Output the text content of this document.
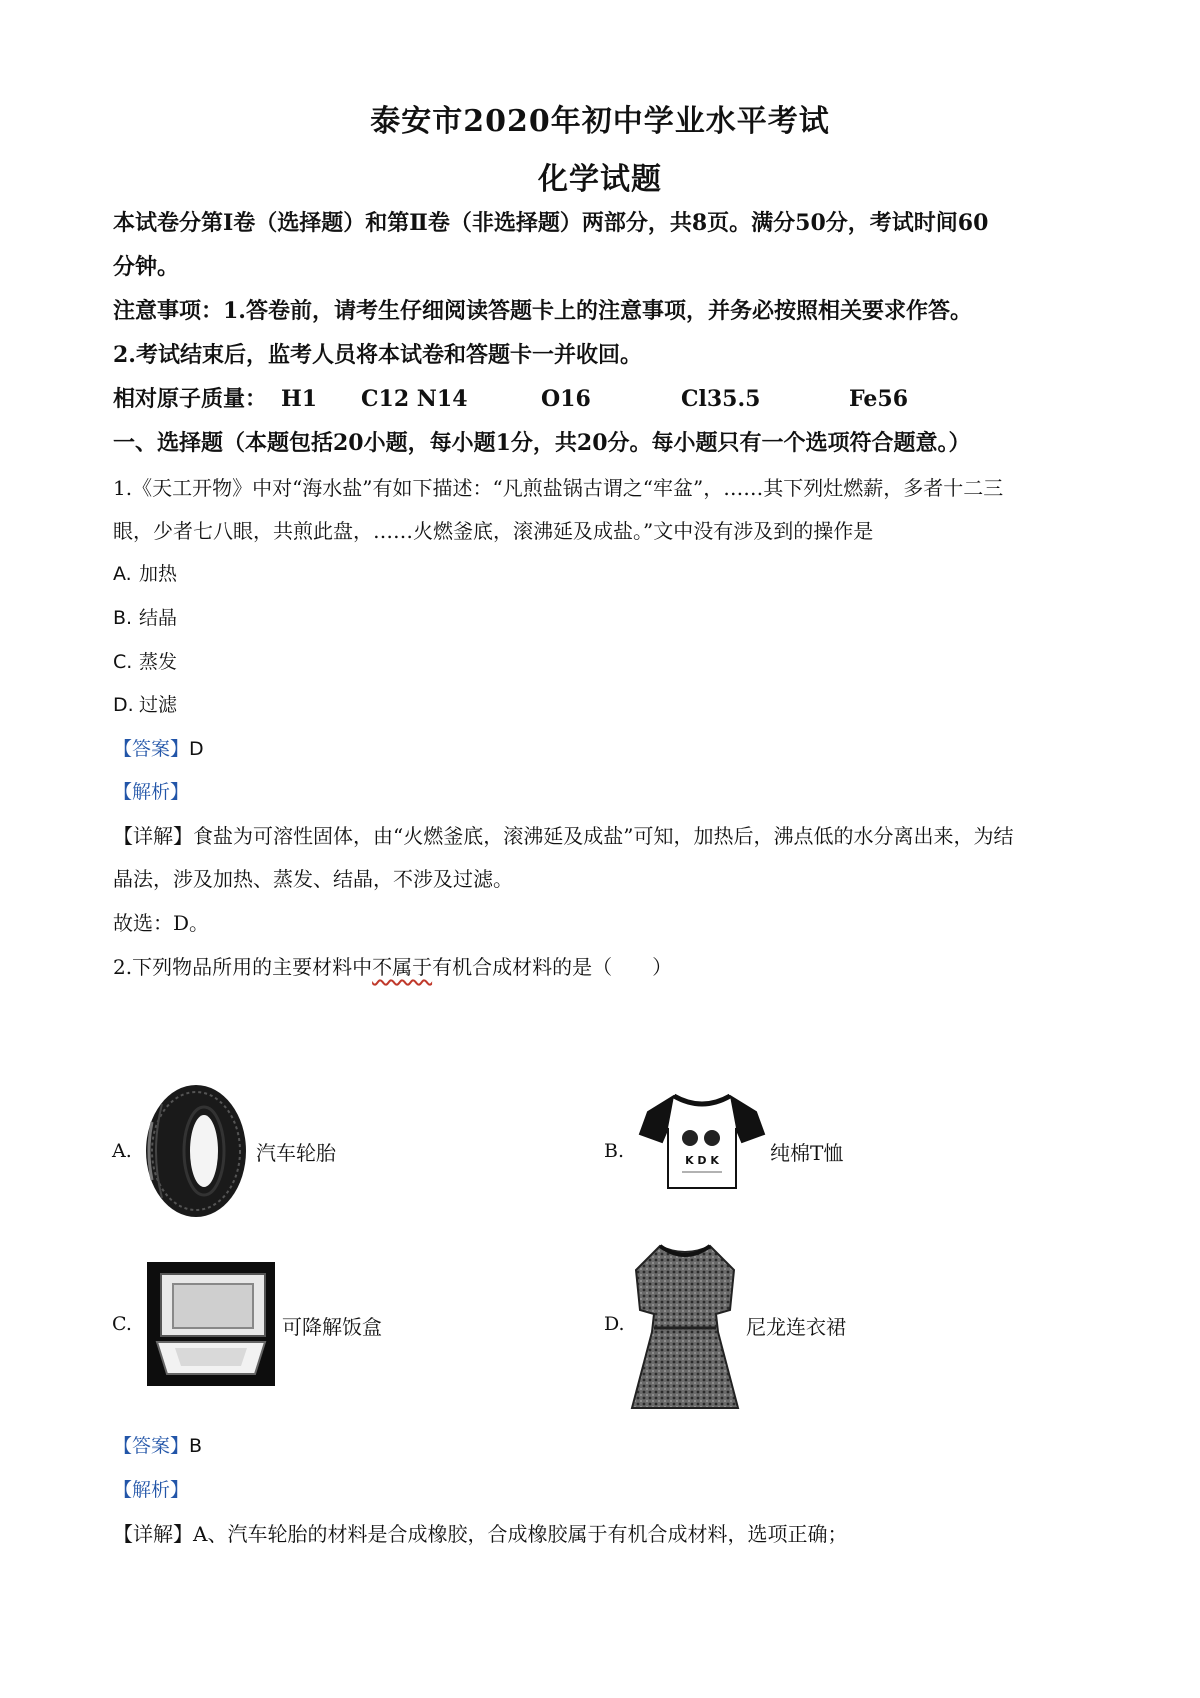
泰安市2020年初中学业水平考试
化学试题
本试卷分第Ⅰ卷（选择题）和第Ⅱ卷（非选择题）两部分，共8页。满分50分，考试时间60
分钟。
注意事项：1.答卷前，请考生仔细阅读答题卡上的注意事项，并务必按照相关要求作答。
2.考试结束后，监考人员将本试卷和答题卡一并收回。
相对原子质量： H1 C12 N14	O16	Cl35.5	Fe56
一、选择题（本题包括20小题，每小题1分，共20分。每小题只有一个选项符合题意。）
1.《天工开物》中对“海水盐”有如下描述：“凡煎盐锅古谓之“牢盆”，……其下列灶燃薪，多者十二三
眼，少者七八眼，共煎此盘，……火燃釜底，滚沸延及成盐。”文中没有涉及到的操作是
A. 加热
B. 结晶
C. 蒸发
D. 过滤
【答案】D
【解析】
【详解】食盐为可溶性固体，由“火燃釜底，滚沸延及成盐”可知，加热后，沸点低的水分离出来，为结
晶法，涉及加热、蒸发、结晶，不涉及过滤。
故选：D。
2.下列物品所用的主要材料中不属于有机合成材料的是（　　）
A.	汽车轮胎	B.	K D K	纯棉T恤
C.	可降解饭盒	D.	尼龙连衣裙
【答案】B
【解析】
【详解】A、汽车轮胎的材料是合成橡胶，合成橡胶属于有机合成材料，选项正确；
